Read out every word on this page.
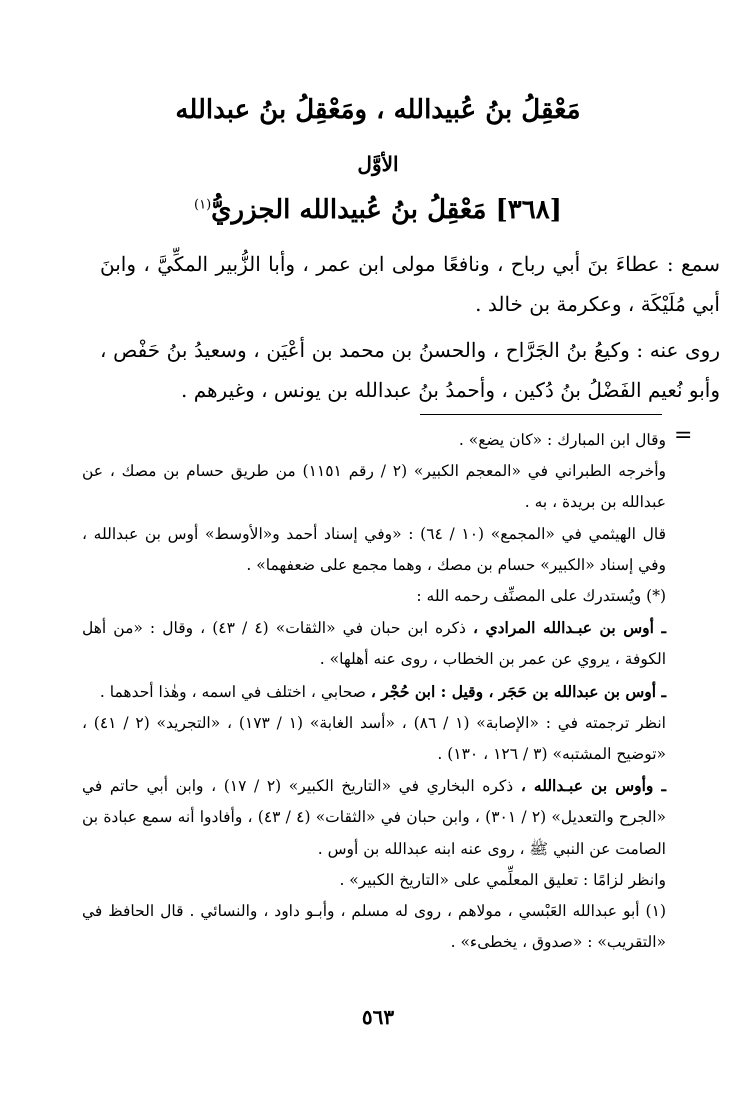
مَعْقِلُ بنُ عُبيدالله ، ومَعْقِلُ بنُ عبدالله
الأوَّل
[٣٦٨] مَعْقِلُ بنُ عُبيدالله الجزريُّ$^{(١)}$
سمع : عطاءَ بنَ أبي رباح ، ونافعًا مولى ابن عمر ، وأبا الزُّبير المكِّيَّ ، وابنَ أبي مُلَيْكَة ، وعكرمة بن خالد .
روى عنه : وكيعُ بنُ الجَرَّاح ، والحسنُ بن محمد بن أعْيَن ، وسعيدُ بنُ حَفْص ، وأبو نُعيم الفَضْلُ بنُ دُكين ، وأحمدُ بنُ عبدالله بن يونس ، وغيرهم .
=

وقال ابن المبارك : «كان يضع» .

وأخرجه الطبراني في «المعجم الكبير» (٢ / رقم ١١٥١) من طريق حسام بن مصك ، عن عبدالله بن بريدة ، به .

قال الهيثمي في «المجمع» (١٠ / ٦٤) : «وفي إسناد أحمد و«الأوسط» أوس بن عبدالله ، وفي إسناد «الكبير» حسام بن مصك ، وهما مجمع على ضعفهما» .

(*) ويُستدرك على المصنِّف رحمه الله :

ـ أوس بن عبـدالله المرادي ، ذكره ابن حبان في «الثقات» (٤ / ٤٣) ، وقال : «من أهل الكوفة ، يروي عن عمر بن الخطاب ، روى عنه أهلها» .

ـ أوس بن عبدالله بن حَجَر ، وقيل : ابن حُجْر ، صحابي ، اختلف في اسمه ، وهٰذا أحدهما .

انظر ترجمته في : «الإصابة» (١ / ٨٦) ، «أسد الغابة» (١ / ١٧٣) ، «التجريد» (٢ / ٤١) ، «توضيح المشتبه» (٣ / ١٢٦ ، ١٣٠) .

ـ وأوس بن عبـدالله ، ذكره البخاري في «التاريخ الكبير» (٢ / ١٧) ، وابن أبي حاتم في «الجرح والتعديل» (٢ / ٣٠١) ، وابن حبان في «الثقات» (٤ / ٤٣) ، وأفادوا أنه سمع عبادة بن الصامت عن النبي ﷺ ، روى عنه ابنه عبدالله بن أوس .

وانظر لزامًا : تعليق المعلِّمي على «التاريخ الكبير» .

(١) أبو عبدالله العَبْسي ، مولاهم ، روى له مسلم ، وأبـو داود ، والنسائي . قال الحافظ في «التقريب» : «صدوق ، يخطىء» .

٥٦٣
